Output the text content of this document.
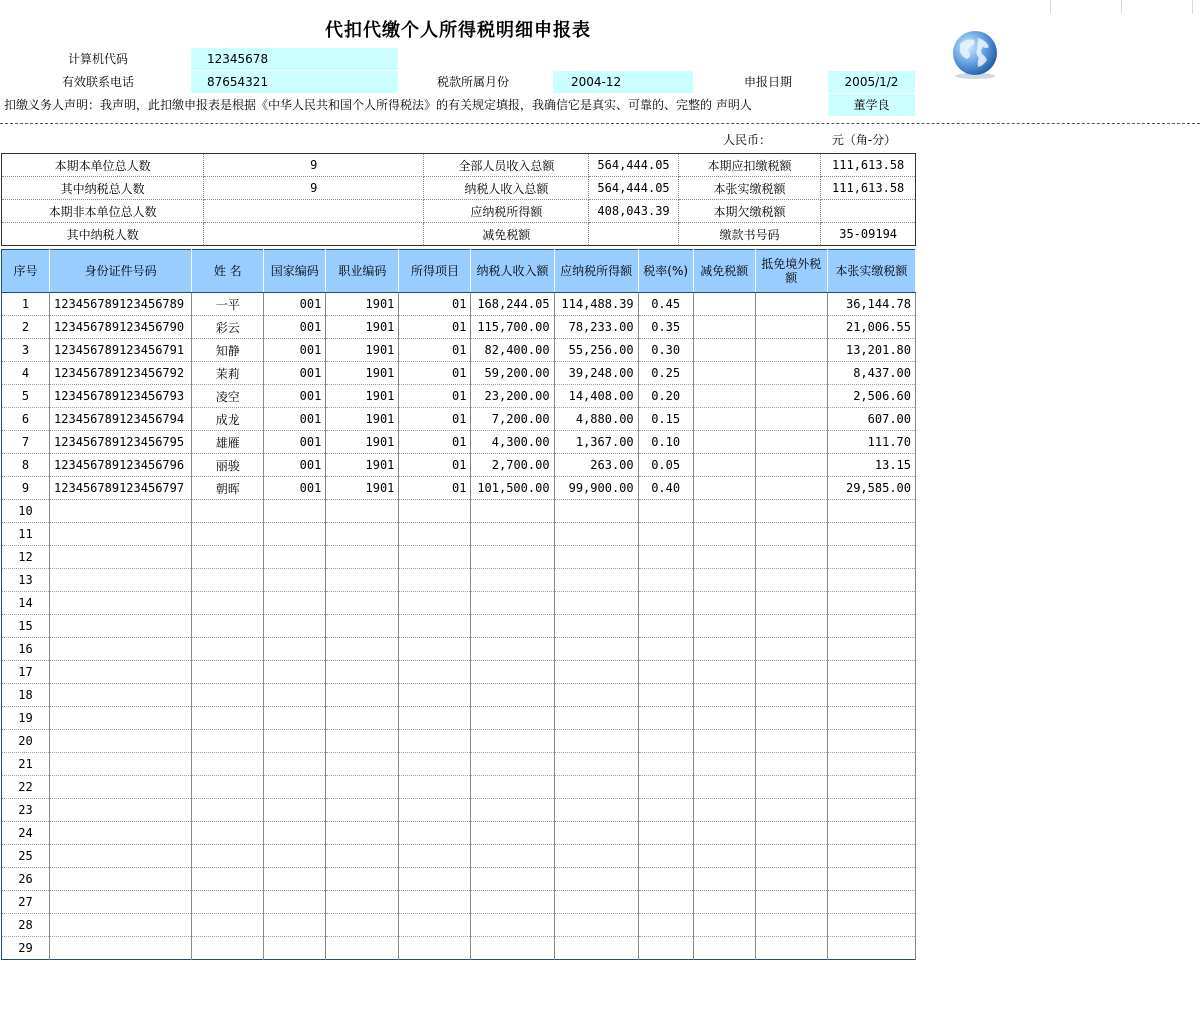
代扣代缴个人所得税明细申报表
计算机代码	12345678
有效联系电话	87654321	税款所属月份	2004-12	申报日期	2005/1/2
扣缴义务人声明：我声明，此扣缴申报表是根据《中华人民共和国个人所得税法》的有关规定填报，我确信它是真实、可靠的、完整的 声明人	董学良
人民币：	元（角-分）
本期本单位总人数	9	全部人员收入总额	564,444.05	本期应扣缴税额	111,613.58
其中纳税总人数	9	纳税人收入总额	564,444.05	本张实缴税额	111,613.58
本期非本单位总人数		应纳税所得额	408,043.39	本期欠缴税额	
其中纳税人数		减免税额		缴款书号码	35-09194
序号	身份证件号码	姓 名	国家编码	职业编码	所得项目	纳税人收入额	应纳税所得额	税率(%)	减免税额	抵免境外税额	本张实缴税额
1	123456789123456789	一平	001	1901	01	168,244.05	114,488.39	0.45			36,144.78
2	123456789123456790	彩云	001	1901	01	115,700.00	78,233.00	0.35			21,006.55
3	123456789123456791	知静	001	1901	01	82,400.00	55,256.00	0.30			13,201.80
4	123456789123456792	茉莉	001	1901	01	59,200.00	39,248.00	0.25			8,437.00
5	123456789123456793	凌空	001	1901	01	23,200.00	14,408.00	0.20			2,506.60
6	123456789123456794	成龙	001	1901	01	7,200.00	4,880.00	0.15			607.00
7	123456789123456795	雄雁	001	1901	01	4,300.00	1,367.00	0.10			111.70
8	123456789123456796	丽骏	001	1901	01	2,700.00	263.00	0.05			13.15
9	123456789123456797	朝晖	001	1901	01	101,500.00	99,900.00	0.40			29,585.00
10											
11											
12											
13											
14											
15											
16											
17											
18											
19											
20											
21											
22											
23											
24											
25											
26											
27											
28											
29											
